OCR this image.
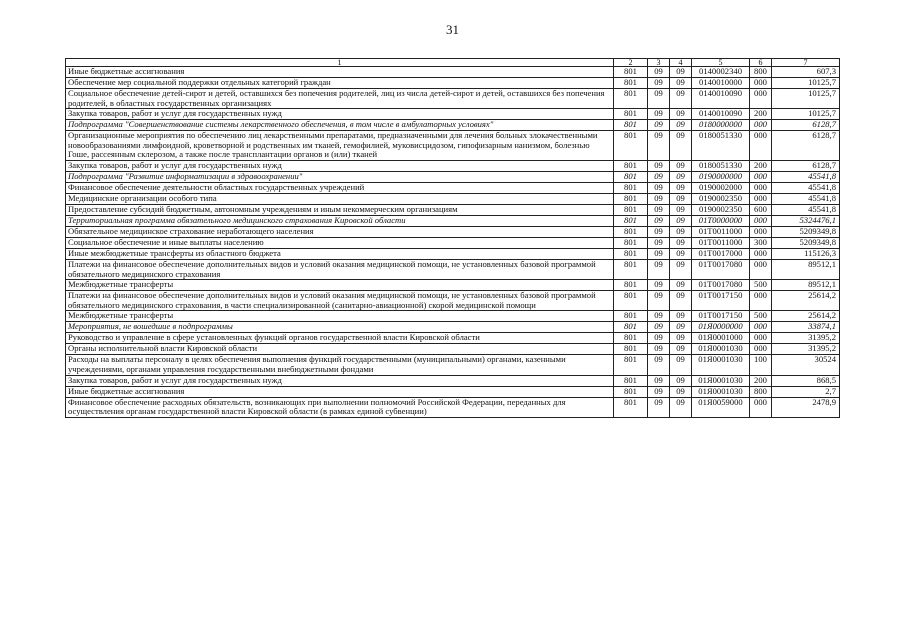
31
1	2	3	4	5	6	7
Иные бюджетные ассигнования	801	09	09	0140002340	800	607,3
Обеспечение мер социальной поддержки отдельных категорий граждан	801	09	09	0140010000	000	10125,7
Социальное обеспечение детей-сирот и детей, оставшихся без попечения родителей, лиц из числа детей-сирот и детей, оставшихся без попечения родителей, в областных государственных организациях	801	09	09	0140010090	000	10125,7
Закупка товаров, работ и услуг для государственных нужд	801	09	09	0140010090	200	10125,7
Подпрограмма "Совершенствование системы лекарственного обеспечения, в том числе в амбулаторных условиях"	801	09	09	0180000000	000	6128,7
Организационные мероприятия по обеспечению лиц лекарственными препаратами, предназначенными для лечения больных злокачественными новообразованиями лимфоидной, кроветворной и родственных им тканей, гемофилией, муковисцидозом, гипофизарным нанизмом, болезнью Гоше, рассеянным склерозом, а также после трансплантации органов и (или) тканей	801	09	09	0180051330	000	6128,7
Закупка товаров, работ и услуг для государственных нужд	801	09	09	0180051330	200	6128,7
Подпрограмма "Развитие информатизации в здравоохранении"	801	09	09	0190000000	000	45541,8
Финансовое обеспечение деятельности областных государственных учреждений	801	09	09	0190002000	000	45541,8
Медицинские организации особого типа	801	09	09	0190002350	000	45541,8
Предоставление субсидий бюджетным, автономным учреждениям и иным некоммерческим организациям	801	09	09	0190002350	600	45541,8
Территориальная программа обязательного медицинского страхования Кировской области	801	09	09	01Т0000000	000	5324476,1
Обязательное медицинское страхование неработающего населения	801	09	09	01Т0011000	000	5209349,8
Социальное обеспечение и иные выплаты населению	801	09	09	01Т0011000	300	5209349,8
Иные межбюджетные трансферты из областного бюджета	801	09	09	01Т0017000	000	115126,3
Платежи на финансовое обеспечение дополнительных видов и условий оказания медицинской помощи, не установленных базовой программой обязательного медицинского страхования	801	09	09	01Т0017080	000	89512,1
Межбюджетные трансферты	801	09	09	01Т0017080	500	89512,1
Платежи на финансовое обеспечение дополнительных видов и условий оказания медицинской помощи, не установленных базовой программой обязательного медицинского страхования, в части специализированной (санитарно-авиационной) скорой медицинской помощи	801	09	09	01Т0017150	000	25614,2
Межбюджетные трансферты	801	09	09	01Т0017150	500	25614,2
Мероприятия, не вошедшие в подпрограммы	801	09	09	01Я0000000	000	33874,1
Руководство и управление в сфере установленных функций органов государственной власти Кировской области	801	09	09	01Я0001000	000	31395,2
Органы исполнительной власти Кировской области	801	09	09	01Я0001030	000	31395,2
Расходы на выплаты персоналу в целях обеспечения выполнения функций государственными (муниципальными) органами, казенными учреждениями, органами управления государственными внебюджетными фондами	801	09	09	01Я0001030	100	30524
Закупка товаров, работ и услуг для государственных нужд	801	09	09	01Я0001030	200	868,5
Иные бюджетные ассигнования	801	09	09	01Я0001030	800	2,7
Финансовое обеспечение расходных обязательств, возникающих при выполнении полномочий Российской Федерации, переданных для осуществления органам государственной власти Кировской области (в рамках единой субвенции)	801	09	09	01Я0059000	000	2478,9
